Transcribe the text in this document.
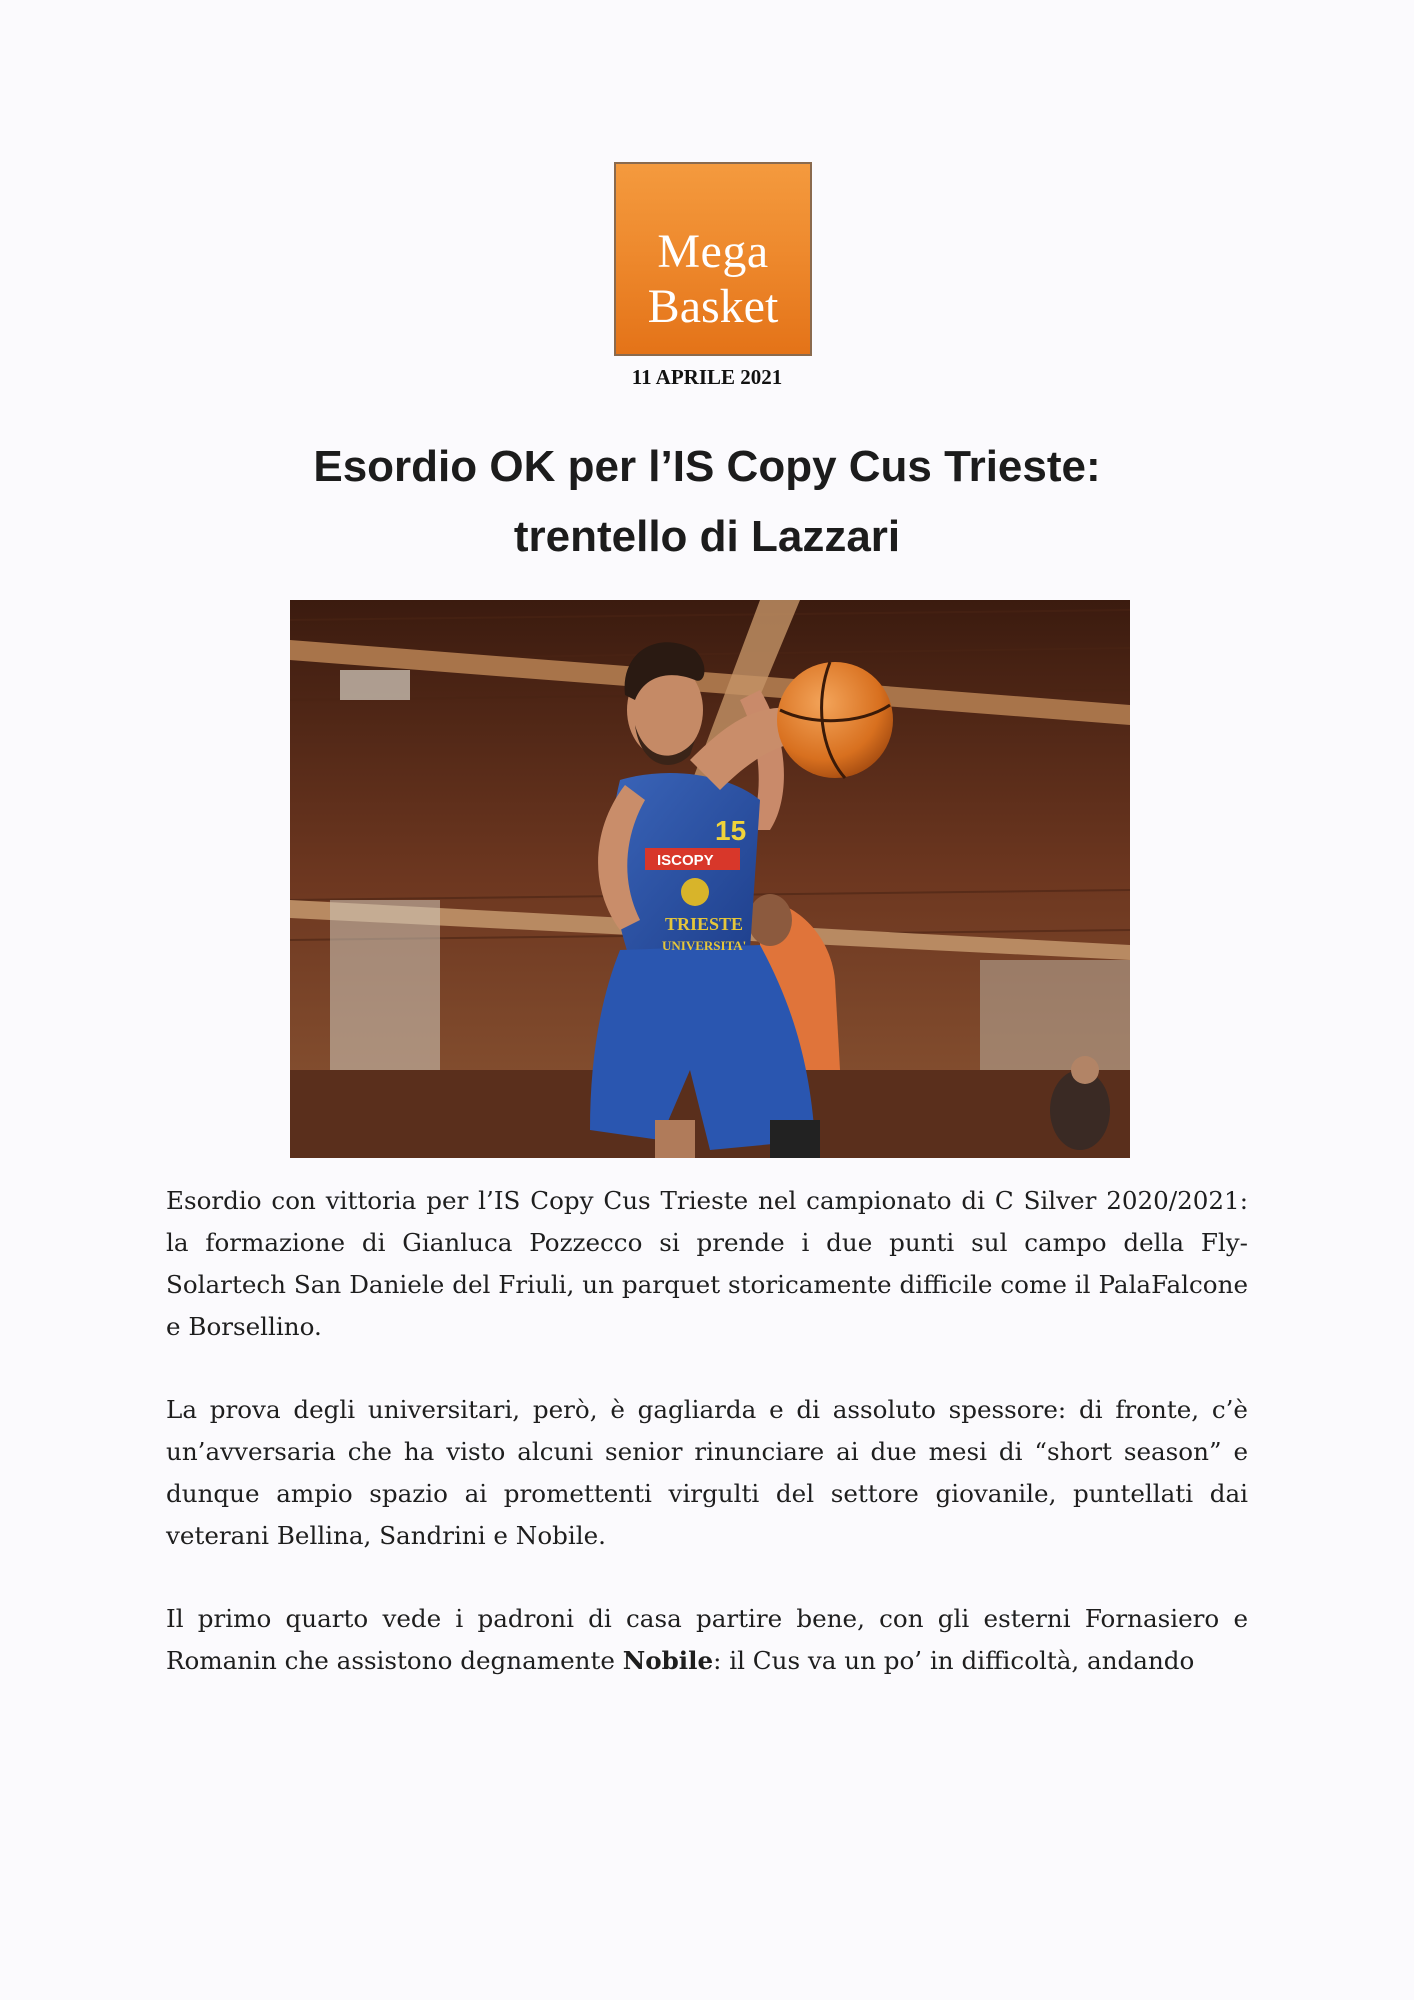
Mega
Basket
11 APRILE 2021
Esordio OK per l’IS Copy Cus Trieste:
trentello di Lazzari
15
ISCOPY
TRIESTE
UNIVERSITA'

Esordio con vittoria per l’IS Copy Cus Trieste nel campionato di C Silver 2020/2021: la formazione di Gianluca Pozzecco si prende i due punti sul campo della Fly-Solartech San Daniele del Friuli, un parquet storicamente difficile come il PalaFalcone e Borsellino.

La prova degli universitari, però, è gagliarda e di assoluto spessore: di fronte, c’è un’avversaria che ha visto alcuni senior rinunciare ai due mesi di “short season” e dunque ampio spazio ai promettenti virgulti del settore giovanile, puntellati dai veterani Bellina, Sandrini e Nobile.

Il primo quarto vede i padroni di casa partire bene, con gli esterni Fornasiero e Romanin che assistono degnamente Nobile: il Cus va un po’ in difficoltà, andando
